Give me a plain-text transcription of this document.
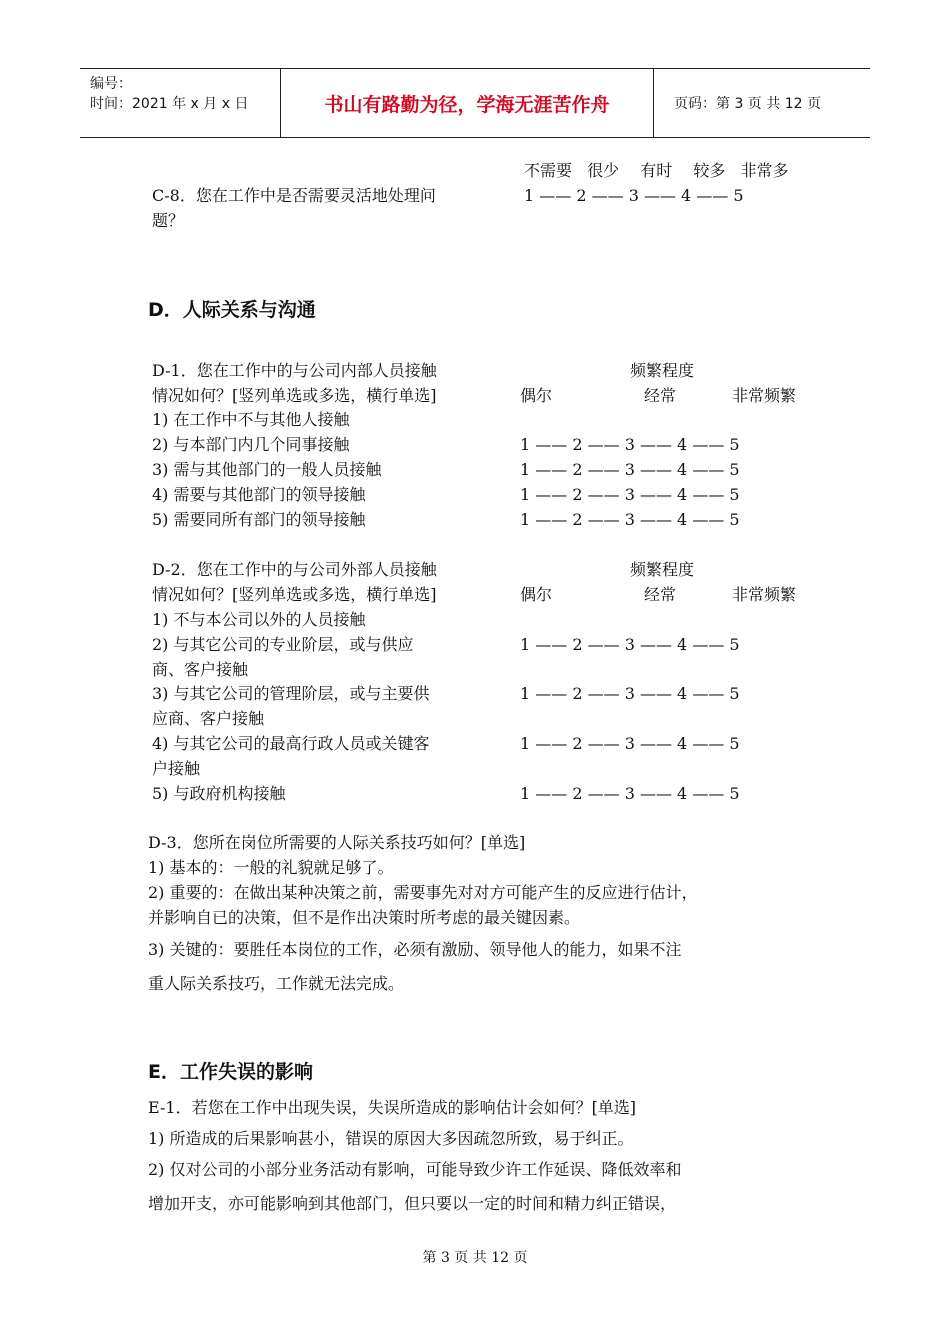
编号：
时间：2021 年 x 月 x 日	书山有路勤为径，学海无涯苦作舟	页码：第 3 页 共 12 页
不需要 很少 有时 较多 非常多
C-8．您在工作中是否需要灵活地处理问	1 —— 2 —— 3 —— 4 —— 5
题？
D．人际关系与沟通
D-1．您在工作中的与公司内部人员接触	频繁程度
情况如何？[竖列单选或多选，横行单选]	偶尔	经常	非常频繁
1) 在工作中不与其他人接触
2) 与本部门内几个同事接触	1 —— 2 —— 3 —— 4 —— 5
3) 需与其他部门的一般人员接触	1 —— 2 —— 3 —— 4 —— 5
4) 需要与其他部门的领导接触	1 —— 2 —— 3 —— 4 —— 5
5) 需要同所有部门的领导接触	1 —— 2 —— 3 —— 4 —— 5
D-2．您在工作中的与公司外部人员接触	频繁程度
情况如何？[竖列单选或多选，横行单选]	偶尔	经常	非常频繁
1) 不与本公司以外的人员接触
2) 与其它公司的专业阶层，或与供应	1 —— 2 —— 3 —— 4 —— 5
商、客户接触
3) 与其它公司的管理阶层，或与主要供	1 —— 2 —— 3 —— 4 —— 5
应商、客户接触
4) 与其它公司的最高行政人员或关键客	1 —— 2 —— 3 —— 4 —— 5
户接触
5) 与政府机构接触	1 —— 2 —— 3 —— 4 —— 5
D-3．您所在岗位所需要的人际关系技巧如何？[单选]
1) 基本的：一般的礼貌就足够了。
2) 重要的：在做出某种决策之前，需要事先对对方可能产生的反应进行估计，
并影响自已的决策，但不是作出决策时所考虑的最关键因素。
3) 关键的：要胜任本岗位的工作，必须有激励、领导他人的能力，如果不注
重人际关系技巧，工作就无法完成。
E．工作失误的影响
E-1．若您在工作中出现失误，失误所造成的影响估计会如何？[单选]
1) 所造成的后果影响甚小，错误的原因大多因疏忽所致，易于纠正。
2) 仅对公司的小部分业务活动有影响，可能导致少许工作延误、降低效率和
增加开支，亦可能影响到其他部门，但只要以一定的时间和精力纠正错误，
第 3 页 共 12 页
